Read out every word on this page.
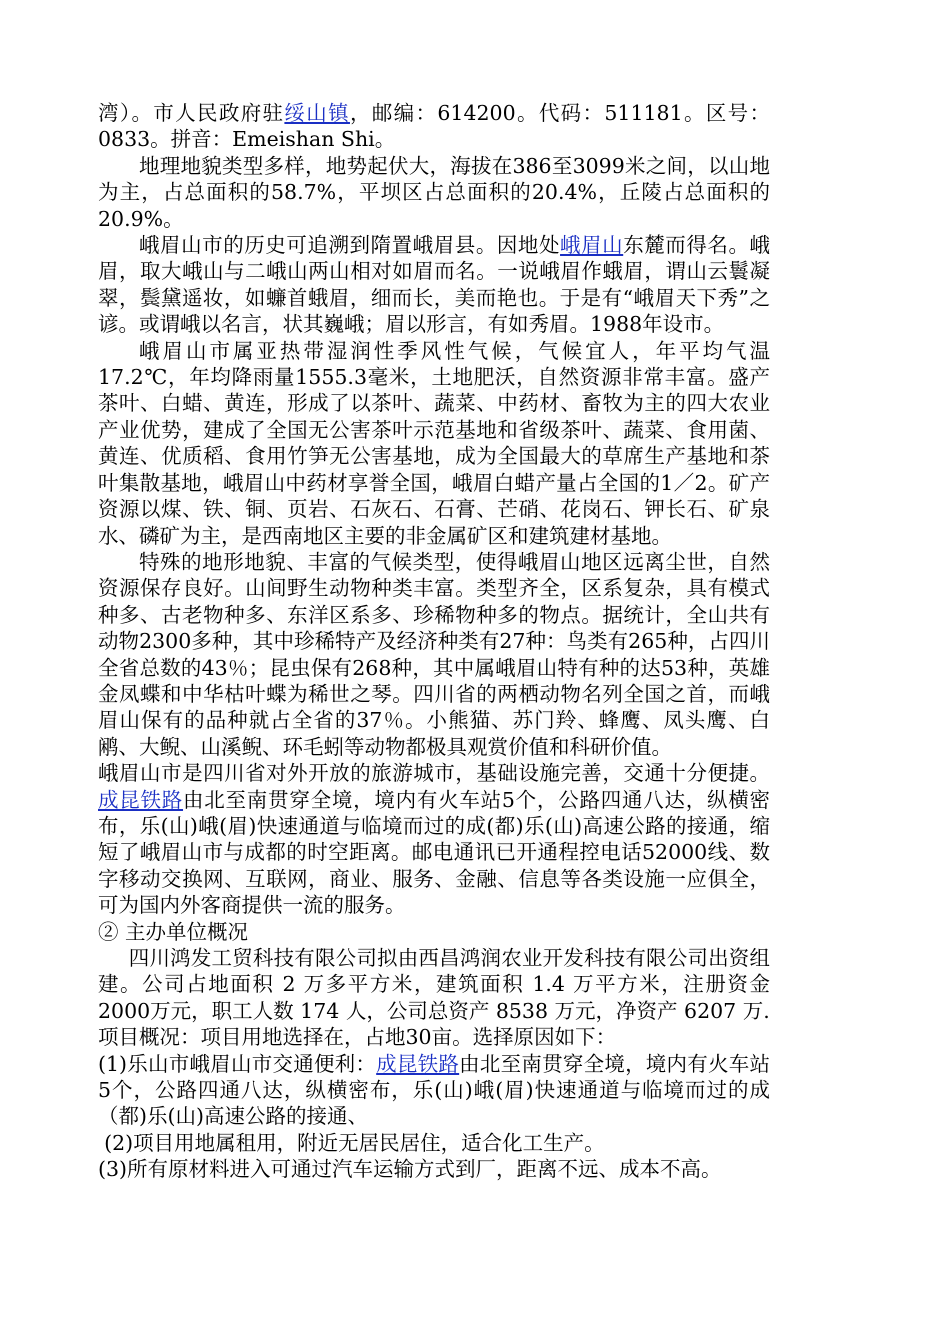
湾）。市人民政府驻绥山镇，邮编：614200。代码：511181。区号：0833。拼音：Emeishan Shi。

地理地貌类型多样，地势起伏大，海拔在386至3099米之间，以山地为主，占总面积的58.7%，平坝区占总面积的20.4%，丘陵占总面积的20.9%。

峨眉山市的历史可追溯到隋置峨眉县。因地处峨眉山东麓而得名。峨眉，取大峨山与二峨山两山相对如眉而名。一说峨眉作蛾眉，谓山云鬟凝翠，鬓黛遥妆，如蠊首蛾眉，细而长，美而艳也。于是有“峨眉天下秀”之谚。或谓峨以名言，状其巍峨；眉以形言，有如秀眉。1988年设市。

峨眉山市属亚热带湿润性季风性气候，气候宜人，年平均气温17.2℃，年均降雨量1555.3毫米，土地肥沃，自然资源非常丰富。盛产茶叶、白蜡、黄连，形成了以茶叶、蔬菜、中药材、畜牧为主的四大农业产业优势，建成了全国无公害茶叶示范基地和省级茶叶、蔬菜、食用菌、黄连、优质稻、食用竹笋无公害基地，成为全国最大的草席生产基地和茶叶集散基地，峨眉山中药材享誉全国，峨眉白蜡产量占全国的1／2。矿产资源以煤、铁、铜、页岩、石灰石、石膏、芒硝、花岗石、钾长石、矿泉水、磷矿为主，是西南地区主要的非金属矿区和建筑建材基地。

特殊的地形地貌、丰富的气候类型，使得峨眉山地区远离尘世，自然资源保存良好。山间野生动物种类丰富。类型齐全，区系复杂，具有模式种多、古老物种多、东洋区系多、珍稀物种多的物点。据统计，全山共有动物2300多种，其中珍稀特产及经济种类有27种：鸟类有265种，占四川全省总数的43％；昆虫保有268种，其中属峨眉山特有种的达53种，英雄金凤蝶和中华枯叶蝶为稀世之琴。四川省的两栖动物名列全国之首，而峨眉山保有的品种就占全省的37％。小熊猫、苏门羚、蜂鹰、凤头鹰、白鹇、大鲵、山溪鲵、环毛蚓等动物都极具观赏价值和科研价值。

峨眉山市是四川省对外开放的旅游城市，基础设施完善，交通十分便捷。成昆铁路由北至南贯穿全境，境内有火车站5个，公路四通八达，纵横密布，乐(山)峨(眉)快速通道与临境而过的成(都)乐(山)高速公路的接通，缩短了峨眉山市与成都的时空距离。邮电通讯已开通程控电话52000线、数字移动交换网、互联网，商业、服务、金融、信息等各类设施一应俱全，可为国内外客商提供一流的服务。

② 主办单位概况

四川鸿发工贸科技有限公司拟由西昌鸿润农业开发科技有限公司出资组建。公司占地面积 2 万多平方米，建筑面积 1.4 万平方米，注册资金 2000万元，职工人数 174 人，公司总资产 8538 万元，净资产 6207 万.

项目概况：项目用地选择在，占地30亩。选择原因如下：

(1)乐山市峨眉山市交通便利：成昆铁路由北至南贯穿全境，境内有火车站5个，公路四通八达，纵横密布，乐(山)峨(眉)快速通道与临境而过的成（都)乐(山)高速公路的接通、

(2)项目用地属租用，附近无居民居住，适合化工生产。

(3)所有原材料进入可通过汽车运输方式到厂，距离不远、成本不高。
